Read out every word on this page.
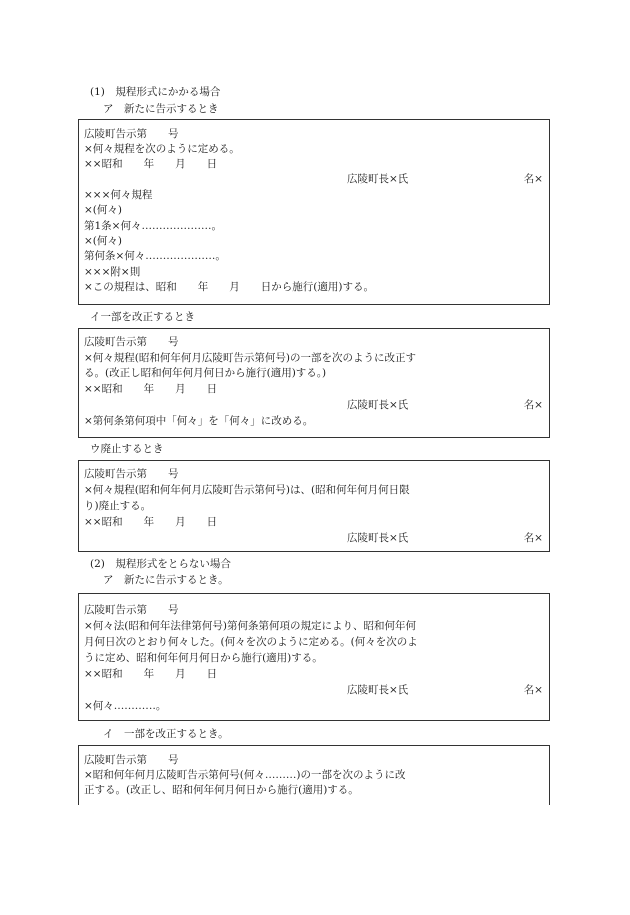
(1)　規程形式にかかる場合
ア　新たに告示するとき
広陵町告示第　　号
×何々規程を次のように定める。
××昭和　　年　　月　　日
広陵町長×氏	名×
×××何々規程
×(何々)
第1条×何々‥‥‥‥‥‥‥‥‥‥。
×(何々)
第何条×何々‥‥‥‥‥‥‥‥‥‥。
×××附×則
×この規程は、昭和　　年　　月　　日から施行(適用)する。
イ一部を改正するとき
広陵町告示第　　号
×何々規程(昭和何年何月広陵町告示第何号)の一部を次のように改正す
る。(改正し昭和何年何月何日から施行(適用)する。)
××昭和　　年　　月　　日
広陵町長×氏	名×
×第何条第何項中「何々」を「何々」に改める。
ウ廃止するとき
広陵町告示第　　号
×何々規程(昭和何年何月広陵町告示第何号)は、(昭和何年何月何日限
り)廃止する。
××昭和　　年　　月　　日
広陵町長×氏	名×
(2)　規程形式をとらない場合
ア　新たに告示するとき。
広陵町告示第　　号
×何々法(昭和何年法律第何号)第何条第何項の規定により、昭和何年何
月何日次のとおり何々した。(何々を次のように定める。(何々を次のよ
うに定め、昭和何年何月何日から施行(適用)する。
××昭和　　年　　月　　日
広陵町長×氏	名×
×何々‥‥‥‥‥‥。
イ　一部を改正するとき。
広陵町告示第　　号
×昭和何年何月広陵町告示第何号(何々………)の一部を次のように改
正する。(改正し、昭和何年何月何日から施行(適用)する。
